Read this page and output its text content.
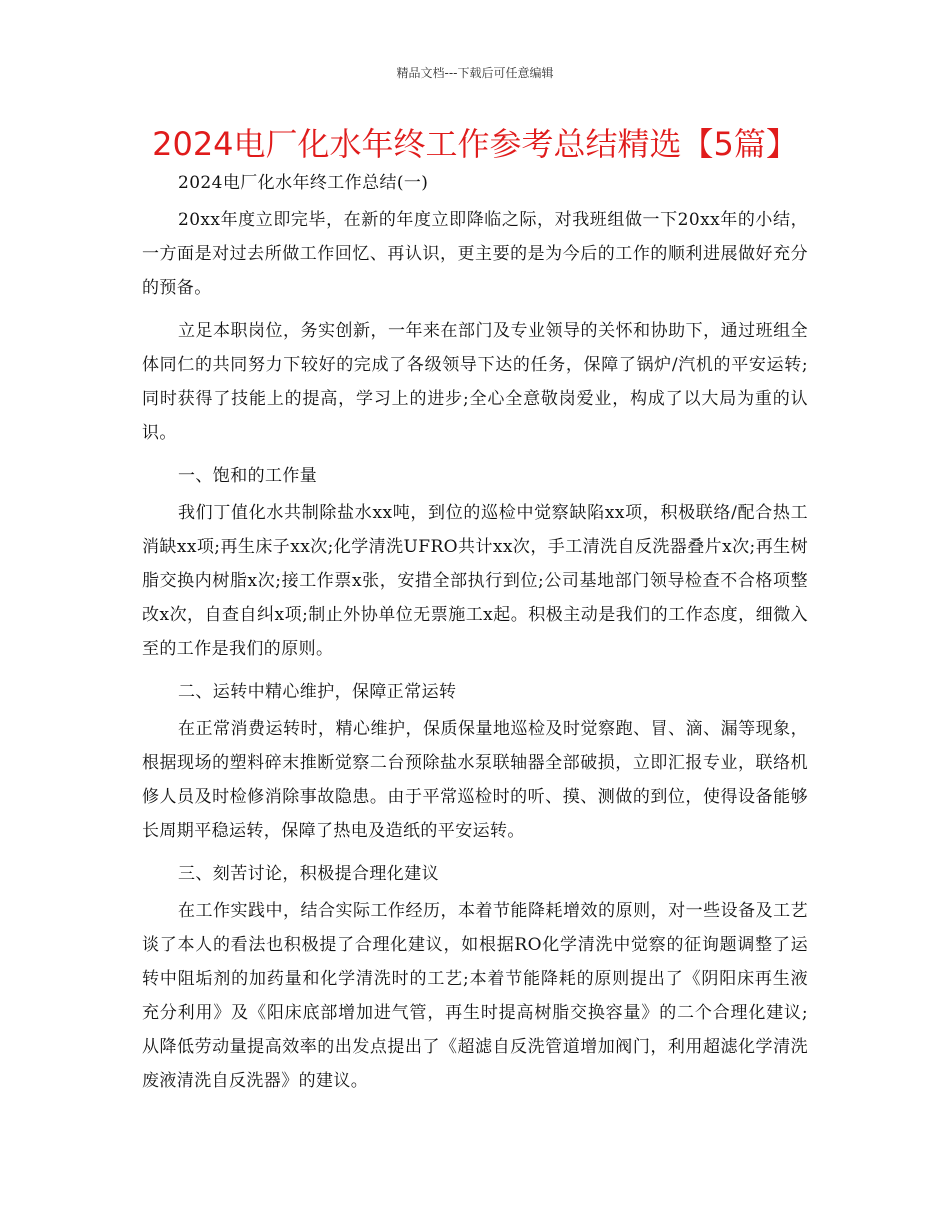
精品文档---下载后可任意编辑
2024电厂化水年终工作参考总结精选【5篇】

2024电厂化水年终工作总结(一)

20xx年度立即完毕，在新的年度立即降临之际，对我班组做一下20xx年的小结，一方面是对过去所做工作回忆、再认识，更主要的是为今后的工作的顺利进展做好充分的预备。

立足本职岗位，务实创新，一年来在部门及专业领导的关怀和协助下，通过班组全体同仁的共同努力下较好的完成了各级领导下达的任务，保障了锅炉/汽机的平安运转;同时获得了技能上的提高，学习上的进步;全心全意敬岗爱业，构成了以大局为重的认识。

一、饱和的工作量

我们丁值化水共制除盐水xx吨，到位的巡检中觉察缺陷xx项，积极联络/配合热工消缺xx项;再生床子xx次;化学清洗UFRO共计xx次，手工清洗自反洗器叠片x次;再生树脂交换内树脂x次;接工作票x张，安措全部执行到位;公司基地部门领导检查不合格项整改x次，自查自纠x项;制止外协单位无票施工x起。积极主动是我们的工作态度，细微入至的工作是我们的原则。

二、运转中精心维护，保障正常运转

在正常消费运转时，精心维护，保质保量地巡检及时觉察跑、冒、滴、漏等现象，根据现场的塑料碎末推断觉察二台预除盐水泵联轴器全部破损，立即汇报专业，联络机修人员及时检修消除事故隐患。由于平常巡检时的听、摸、测做的到位，使得设备能够长周期平稳运转，保障了热电及造纸的平安运转。

三、刻苦讨论，积极提合理化建议

在工作实践中，结合实际工作经历，本着节能降耗增效的原则，对一些设备及工艺谈了本人的看法也积极提了合理化建议，如根据RO化学清洗中觉察的征询题调整了运转中阻垢剂的加药量和化学清洗时的工艺;本着节能降耗的原则提出了《阴阳床再生液充分利用》及《阳床底部增加进气管，再生时提高树脂交换容量》的二个合理化建议;从降低劳动量提高效率的出发点提出了《超滤自反洗管道增加阀门，利用超滤化学清洗废液清洗自反洗器》的建议。
